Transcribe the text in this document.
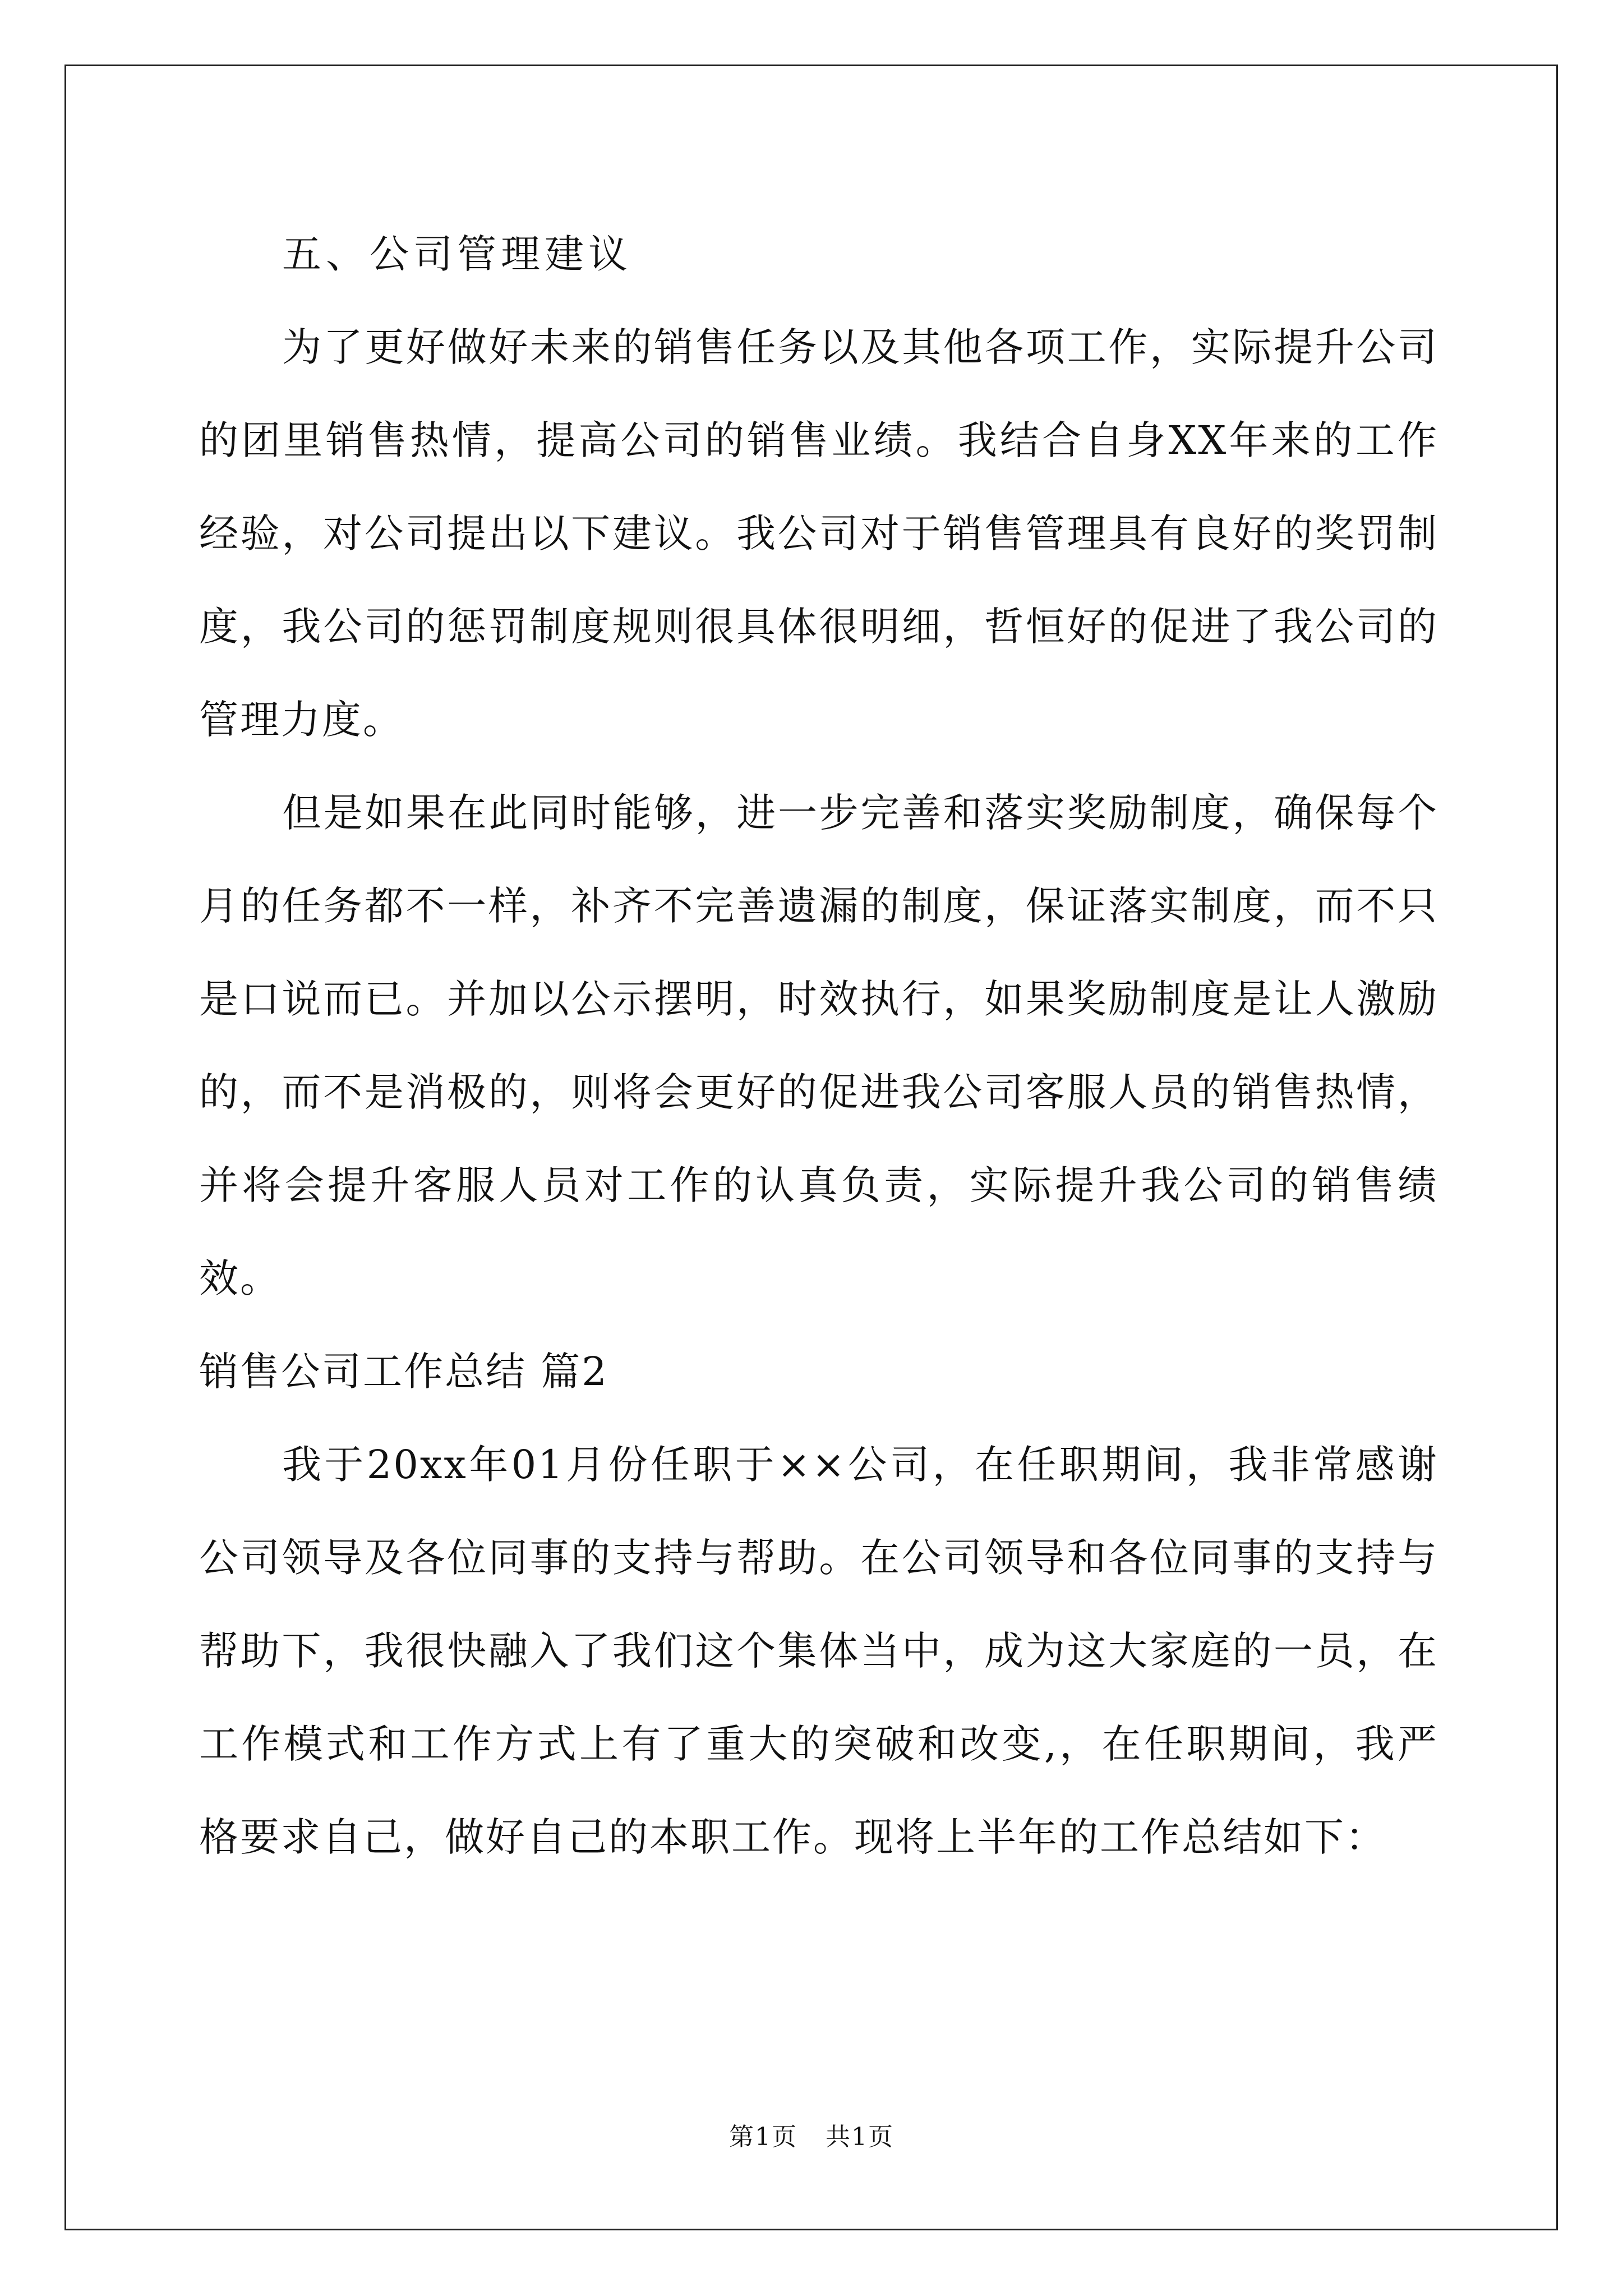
五、公司管理建议

为了更好做好未来的销售任务以及其他各项工作，实际提升公司的团里销售热情，提高公司的销售业绩。我结合自身XX年来的工作经验，对公司提出以下建议。我公司对于销售管理具有良好的奖罚制度，我公司的惩罚制度规则很具体很明细，哲恒好的促进了我公司的管理力度。

但是如果在此同时能够，进一步完善和落实奖励制度，确保每个月的任务都不一样，补齐不完善遗漏的制度，保证落实制度，而不只是口说而已。并加以公示摆明，时效执行，如果奖励制度是让人激励的，而不是消极的，则将会更好的促进我公司客服人员的销售热情，并将会提升客服人员对工作的认真负责，实际提升我公司的销售绩效。

销售公司工作总结 篇2

我于20xx年01月份任职于××公司，在任职期间，我非常感谢公司领导及各位同事的支持与帮助。在公司领导和各位同事的支持与帮助下，我很快融入了我们这个集体当中，成为这大家庭的一员，在工作模式和工作方式上有了重大的突破和改变,，在任职期间，我严格要求自己，做好自己的本职工作。现将上半年的工作总结如下：

第1页 共1页
